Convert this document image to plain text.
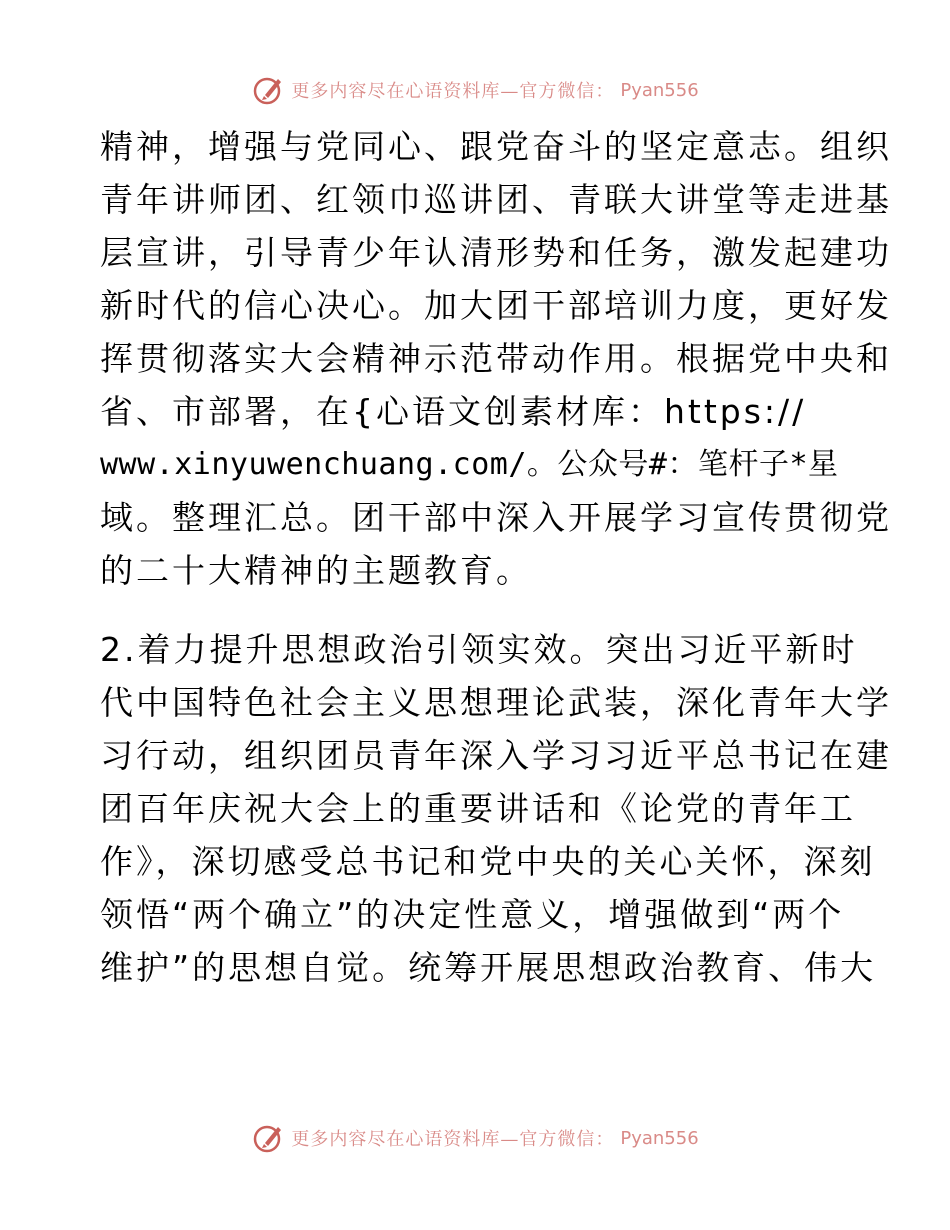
更多内容尽在心语资料库—官方微信： Pyan556
精神，增强与党同心、跟党奋斗的坚定意志。组织
青年讲师团、红领巾巡讲团、青联大讲堂等走进基
层宣讲，引导青少年认清形势和任务，激发起建功
新时代的信心决心。加大团干部培训力度，更好发
挥贯彻落实大会精神示范带动作用。根据党中央和
省、市部署，在{心语文创素材库：https://
www.xinyuwenchuang.com/。公众号#：笔杆子*星
域。整理汇总。团干部中深入开展学习宣传贯彻党
的二十大精神的主题教育。
2.着力提升思想政治引领实效。突出习近平新时
代中国特色社会主义思想理论武装，深化青年大学
习行动，组织团员青年深入学习习近平总书记在建
团百年庆祝大会上的重要讲话和《论党的青年工
作》，深切感受总书记和党中央的关心关怀，深刻
领悟“两个确立”的决定性意义，增强做到“两个
维护”的思想自觉。统筹开展思想政治教育、伟大
更多内容尽在心语资料库—官方微信： Pyan556
